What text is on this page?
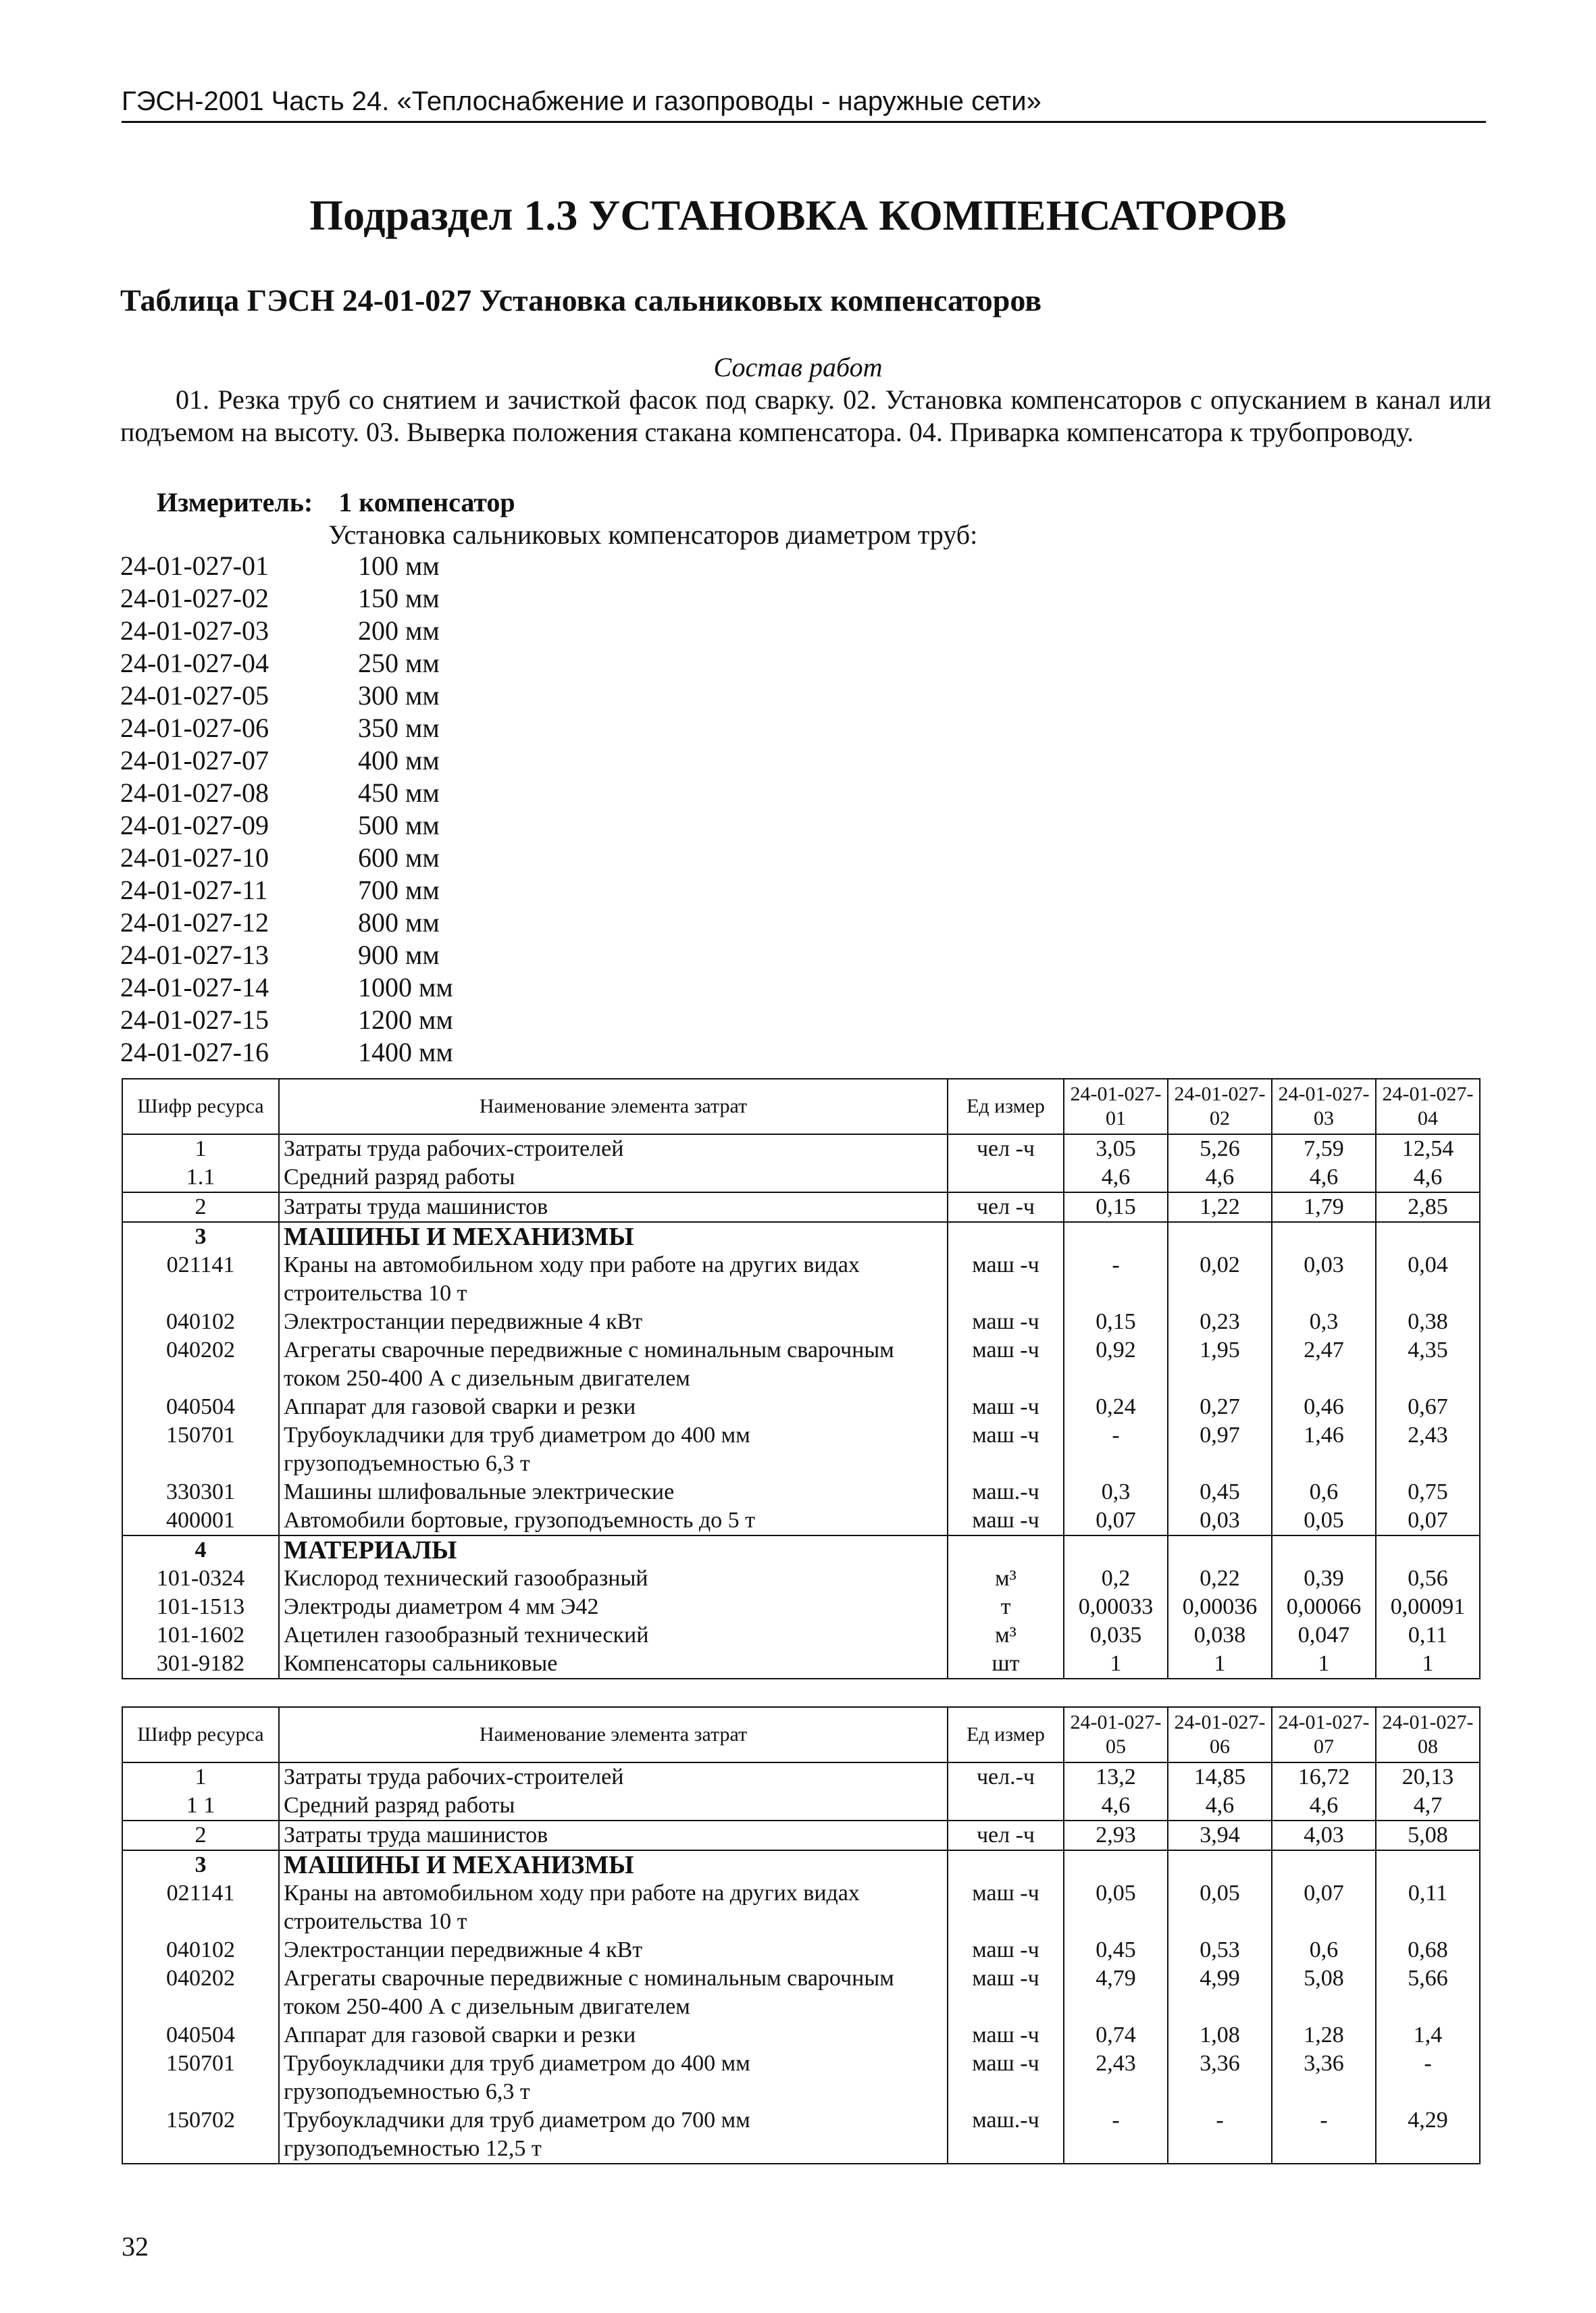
ГЭСН-2001 Часть 24. «Теплоснабжение и газопроводы - наружные сети»
Подраздел 1.3 УСТАНОВКА КОМПЕНСАТОРОВ
Таблица ГЭСН 24-01-027 Установка сальниковых компенсаторов
Состав работ
01. Резка труб со снятием и зачисткой фасок под сварку. 02. Установка компенсаторов с опусканием в канал или подъемом на высоту. 03. Выверка положения стакана компенсатора. 04. Приварка компенсатора к трубопроводу.
Измеритель: 1 компенсатор
Установка сальниковых компенсаторов диаметром труб:
24-01-027-01	100 мм
24-01-027-02	150 мм
24-01-027-03	200 мм
24-01-027-04	250 мм
24-01-027-05	300 мм
24-01-027-06	350 мм
24-01-027-07	400 мм
24-01-027-08	450 мм
24-01-027-09	500 мм
24-01-027-10	600 мм
24-01-027-11	700 мм
24-01-027-12	800 мм
24-01-027-13	900 мм
24-01-027-14	1000 мм
24-01-027-15	1200 мм
24-01-027-16	1400 мм
Шифр ресурса	Наименование элемента затрат	Ед измер	24-01-027-01	24-01-027-02	24-01-027-03	24-01-027-04
1	Затраты труда рабочих-строителей	чел -ч	3,05	5,26	7,59	12,54
1.1	Средний разряд работы		4,6	4,6	4,6	4,6
2	Затраты труда машинистов	чел -ч	0,15	1,22	1,79	2,85
3	МАШИНЫ И МЕХАНИЗМЫ					
021141	Краны на автомобильном ходу при работе на других видах строительства 10 т	маш -ч	-	0,02	0,03	0,04
040102	Электростанции передвижные 4 кВт	маш -ч	0,15	0,23	0,3	0,38
040202	Агрегаты сварочные передвижные с номинальным сварочным током 250-400 А с дизельным двигателем	маш -ч	0,92	1,95	2,47	4,35
040504	Аппарат для газовой сварки и резки	маш -ч	0,24	0,27	0,46	0,67
150701	Трубоукладчики для труб диаметром до 400 мм грузоподъемностью 6,3 т	маш -ч	-	0,97	1,46	2,43
330301	Машины шлифовальные электрические	маш.-ч	0,3	0,45	0,6	0,75
400001	Автомобили бортовые, грузоподъемность до 5 т	маш -ч	0,07	0,03	0,05	0,07
4	МАТЕРИАЛЫ					
101-0324	Кислород технический газообразный	м³	0,2	0,22	0,39	0,56
101-1513	Электроды диаметром 4 мм Э42	т	0,00033	0,00036	0,00066	0,00091
101-1602	Ацетилен газообразный технический	м³	0,035	0,038	0,047	0,11
301-9182	Компенсаторы сальниковые	шт	1	1	1	1
Шифр ресурса	Наименование элемента затрат	Ед измер	24-01-027-05	24-01-027-06	24-01-027-07	24-01-027-08
1	Затраты труда рабочих-строителей	чел.-ч	13,2	14,85	16,72	20,13
1 1	Средний разряд работы		4,6	4,6	4,6	4,7
2	Затраты труда машинистов	чел -ч	2,93	3,94	4,03	5,08
3	МАШИНЫ И МЕХАНИЗМЫ					
021141	Краны на автомобильном ходу при работе на других видах строительства 10 т	маш -ч	0,05	0,05	0,07	0,11
040102	Электростанции передвижные 4 кВт	маш -ч	0,45	0,53	0,6	0,68
040202	Агрегаты сварочные передвижные с номинальным сварочным током 250-400 А с дизельным двигателем	маш -ч	4,79	4,99	5,08	5,66
040504	Аппарат для газовой сварки и резки	маш -ч	0,74	1,08	1,28	1,4
150701	Трубоукладчики для труб диаметром до 400 мм грузоподъемностью 6,3 т	маш -ч	2,43	3,36	3,36	-
150702	Трубоукладчики для труб диаметром до 700 мм грузоподъемностью 12,5 т	маш.-ч	-	-	-	4,29
32
